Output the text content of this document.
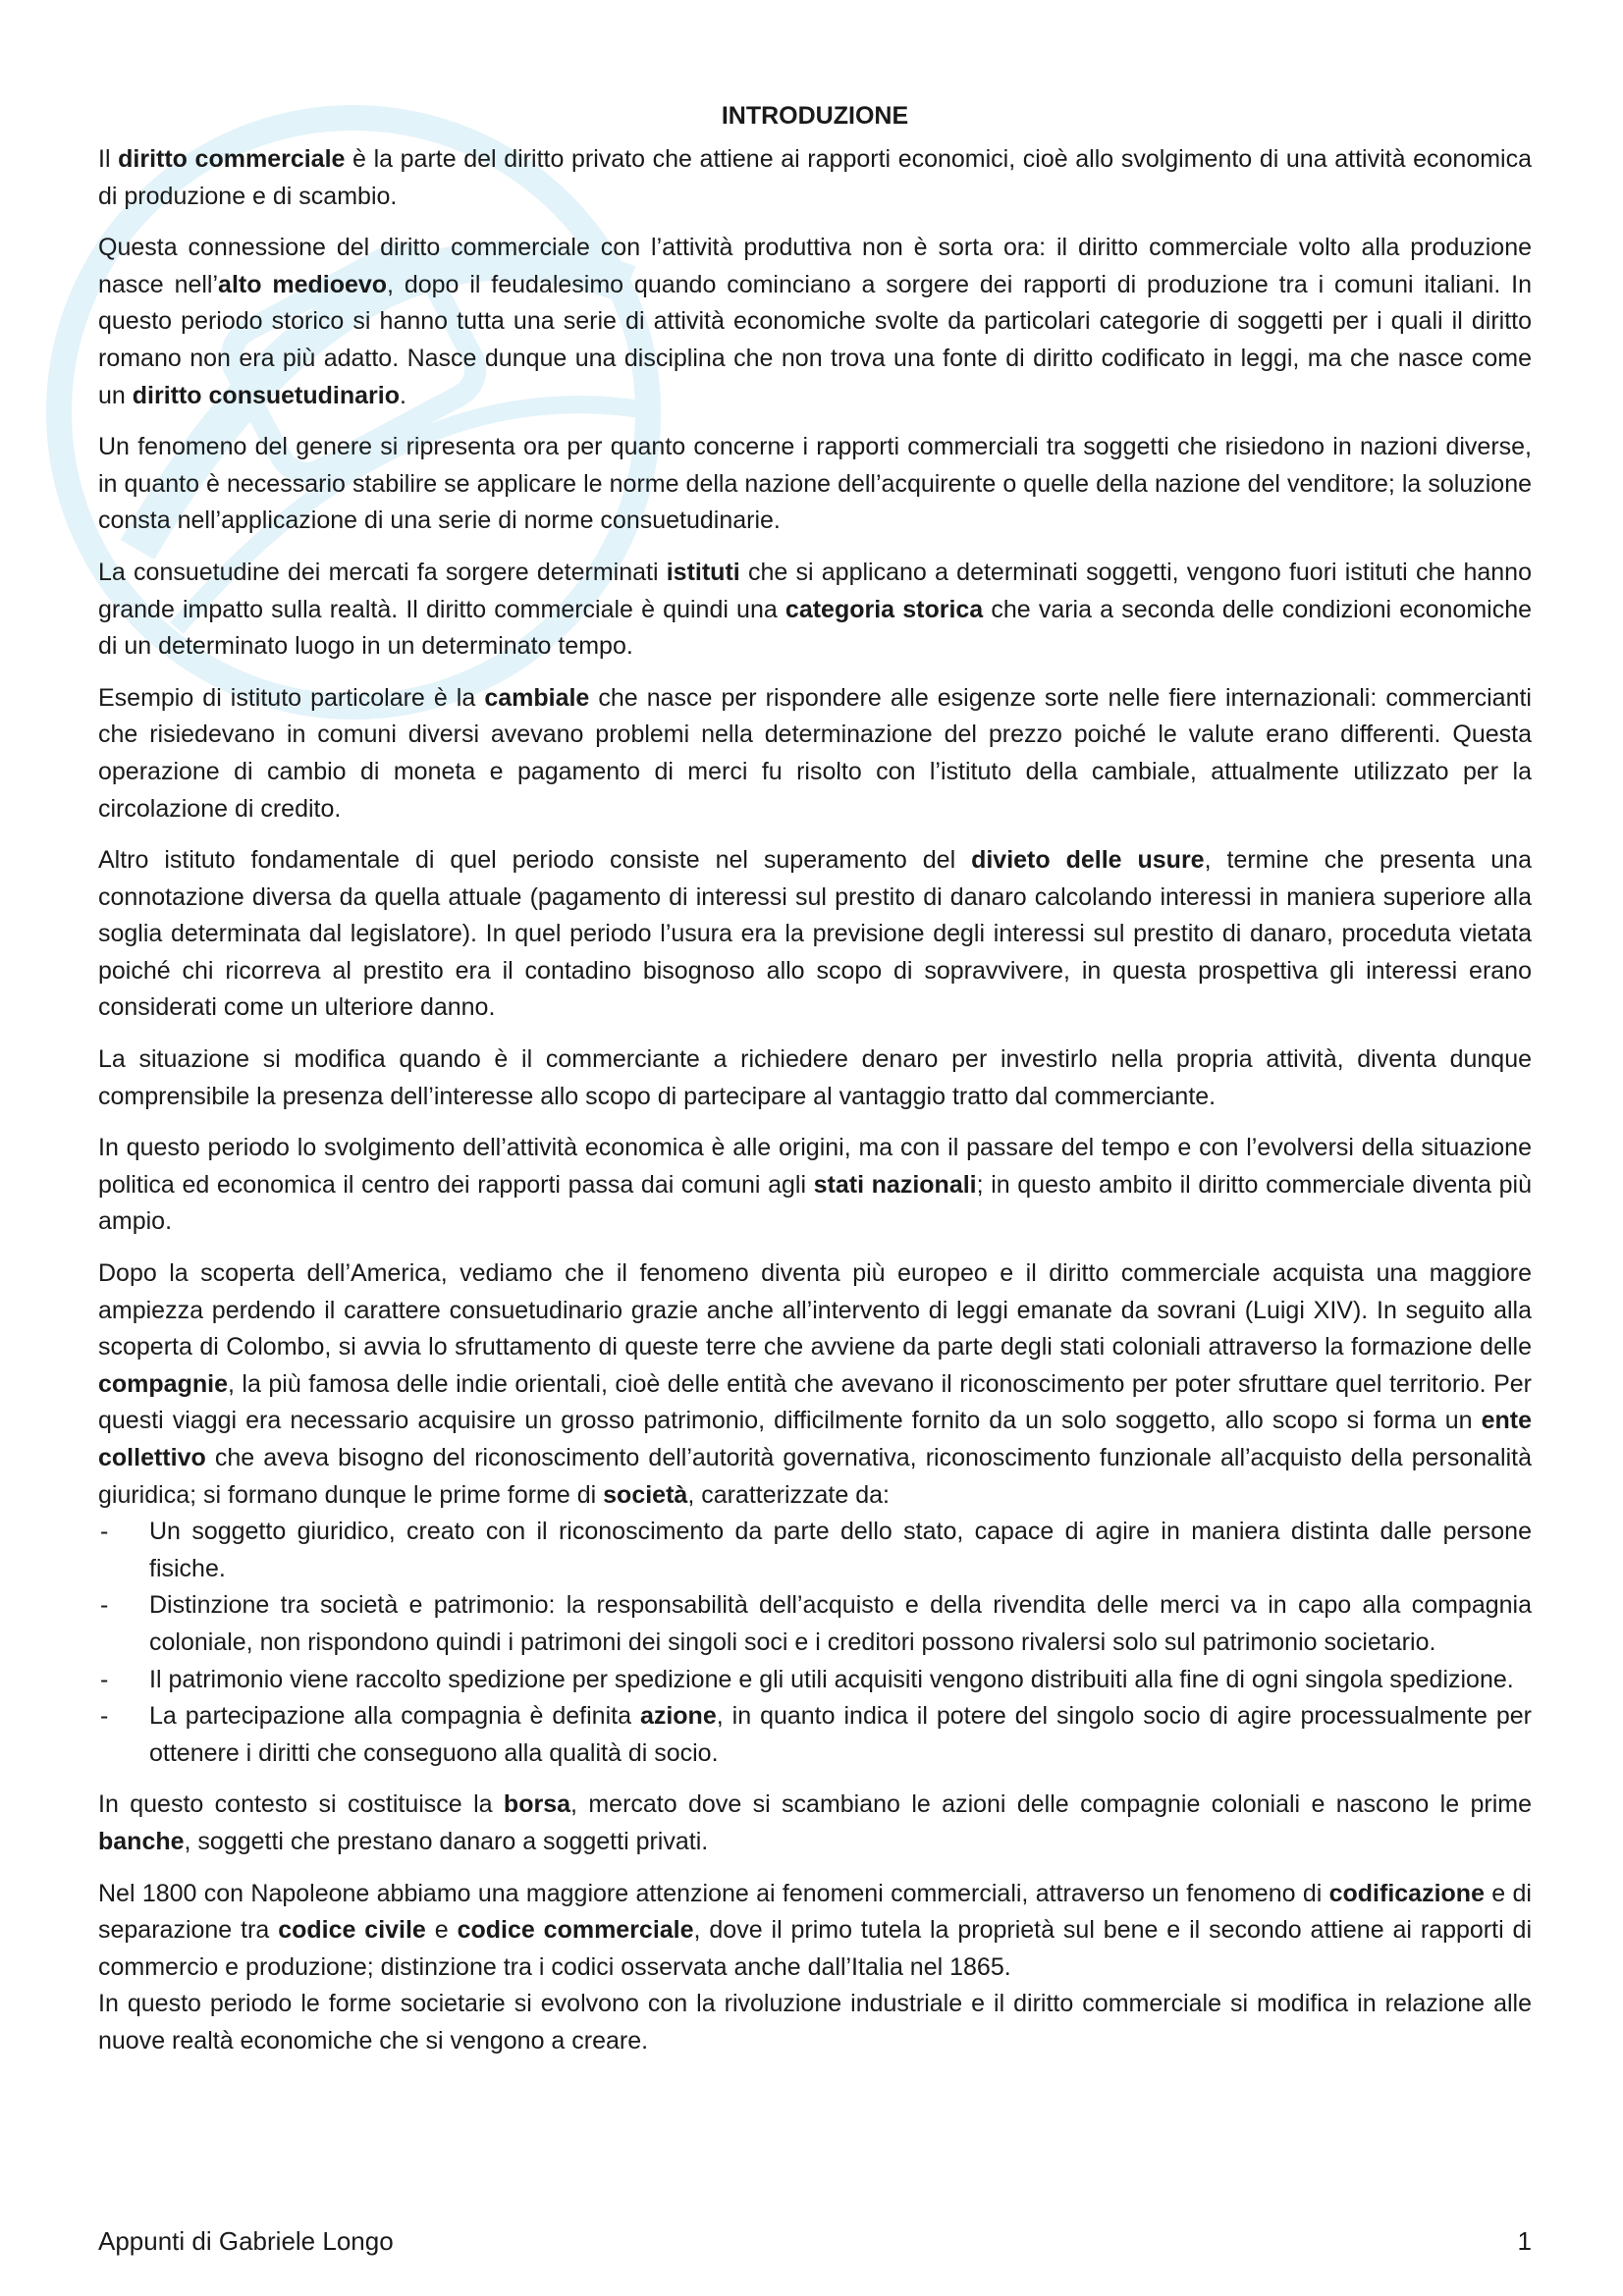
INTRODUZIONE

Il diritto commerciale è la parte del diritto privato che attiene ai rapporti economici, cioè allo svolgimento di una attività economica di produzione e di scambio.

Questa connessione del diritto commerciale con l’attività produttiva non è sorta ora: il diritto commerciale volto alla produzione nasce nell’alto medioevo, dopo il feudalesimo quando cominciano a sorgere dei rapporti di produzione tra i comuni italiani. In questo periodo storico si hanno tutta una serie di attività economiche svolte da particolari categorie di soggetti per i quali il diritto romano non era più adatto. Nasce dunque una disciplina che non trova una fonte di diritto codificato in leggi, ma che nasce come un diritto consuetudinario.

Un fenomeno del genere si ripresenta ora per quanto concerne i rapporti commerciali tra soggetti che risiedono in nazioni diverse, in quanto è necessario stabilire se applicare le norme della nazione dell’acquirente o quelle della nazione del venditore; la soluzione consta nell’applicazione di una serie di norme consuetudinarie.

La consuetudine dei mercati fa sorgere determinati istituti che si applicano a determinati soggetti, vengono fuori istituti che hanno grande impatto sulla realtà. Il diritto commerciale è quindi una categoria storica che varia a seconda delle condizioni economiche di un determinato luogo in un determinato tempo.

Esempio di istituto particolare è la cambiale che nasce per rispondere alle esigenze sorte nelle fiere internazionali: commercianti che risiedevano in comuni diversi avevano problemi nella determinazione del prezzo poiché le valute erano differenti. Questa operazione di cambio di moneta e pagamento di merci fu risolto con l’istituto della cambiale, attualmente utilizzato per la circolazione di credito.

Altro istituto fondamentale di quel periodo consiste nel superamento del divieto delle usure, termine che presenta una connotazione diversa da quella attuale (pagamento di interessi sul prestito di danaro calcolando interessi in maniera superiore alla soglia determinata dal legislatore). In quel periodo l’usura era la previsione degli interessi sul prestito di danaro, proceduta vietata poiché chi ricorreva al prestito era il contadino bisognoso allo scopo di sopravvivere, in questa prospettiva gli interessi erano considerati come un ulteriore danno.

La situazione si modifica quando è il commerciante a richiedere denaro per investirlo nella propria attività, diventa dunque comprensibile la presenza dell’interesse allo scopo di partecipare al vantaggio tratto dal commerciante.

In questo periodo lo svolgimento dell’attività economica è alle origini, ma con il passare del tempo e con l’evolversi della situazione politica ed economica il centro dei rapporti passa dai comuni agli stati nazionali; in questo ambito il diritto commerciale diventa più ampio.

Dopo la scoperta dell’America, vediamo che il fenomeno diventa più europeo e il diritto commerciale acquista una maggiore ampiezza perdendo il carattere consuetudinario grazie anche all’intervento di leggi emanate da sovrani (Luigi XIV). In seguito alla scoperta di Colombo, si avvia lo sfruttamento di queste terre che avviene da parte degli stati coloniali attraverso la formazione delle compagnie, la più famosa delle indie orientali, cioè delle entità che avevano il riconoscimento per poter sfruttare quel territorio. Per questi viaggi era necessario acquisire un grosso patrimonio, difficilmente fornito da un solo soggetto, allo scopo si forma un ente collettivo che aveva bisogno del riconoscimento dell’autorità governativa, riconoscimento funzionale all’acquisto della personalità giuridica; si formano dunque le prime forme di società, caratterizzate da:

- Un soggetto giuridico, creato con il riconoscimento da parte dello stato, capace di agire in maniera distinta dalle persone fisiche.
- Distinzione tra società e patrimonio: la responsabilità dell’acquisto e della rivendita delle merci va in capo alla compagnia coloniale, non rispondono quindi i patrimoni dei singoli soci e i creditori possono rivalersi solo sul patrimonio societario.
- Il patrimonio viene raccolto spedizione per spedizione e gli utili acquisiti vengono distribuiti alla fine di ogni singola spedizione.
- La partecipazione alla compagnia è definita azione, in quanto indica il potere del singolo socio di agire processualmente per ottenere i diritti che conseguono alla qualità di socio.

In questo contesto si costituisce la borsa, mercato dove si scambiano le azioni delle compagnie coloniali e nascono le prime banche, soggetti che prestano danaro a soggetti privati.

Nel 1800 con Napoleone abbiamo una maggiore attenzione ai fenomeni commerciali, attraverso un fenomeno di codificazione e di separazione tra codice civile e codice commerciale, dove il primo tutela la proprietà sul bene e il secondo attiene ai rapporti di commercio e produzione; distinzione tra i codici osservata anche dall’Italia nel 1865.

In questo periodo le forme societarie si evolvono con la rivoluzione industriale e il diritto commerciale si modifica in relazione alle nuove realtà economiche che si vengono a creare.

Appunti di Gabriele Longo	1
